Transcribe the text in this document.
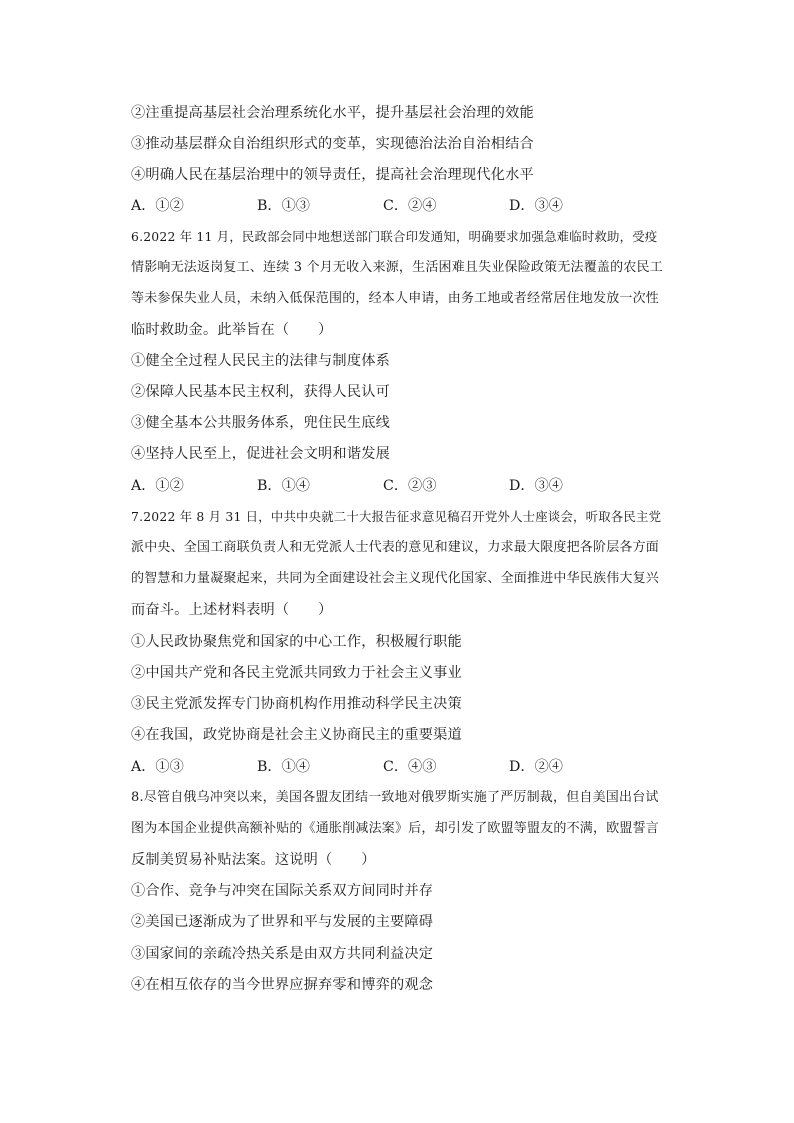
②注重提高基层社会治理系统化水平，提升基层社会治理的效能
③推动基层群众自治组织形式的变革，实现德治法治自治相结合
④明确人民在基层治理中的领导责任，提高社会治理现代化水平
A．①②	B．①③	C．②④	D．③④
6.2022 年 11 月，民政部会同中地想送部门联合印发通知，明确要求加强急难临时救助，受疫
情影响无法返岗复工、连续 3 个月无收入来源，生活困难且失业保险政策无法覆盖的农民工
等未参保失业人员，未纳入低保范围的，经本人申请，由务工地或者经常居住地发放一次性
临时救助金。此举旨在（　　）
①健全全过程人民民主的法律与制度体系
②保障人民基本民主权利，获得人民认可
③健全基本公共服务体系，兜住民生底线
④坚持人民至上，促进社会文明和谐发展
A．①②	B．①④	C．②③	D．③④
7.2022 年 8 月 31 日，中共中央就二十大报告征求意见稿召开党外人士座谈会，听取各民主党
派中央、全国工商联负责人和无党派人士代表的意见和建议，力求最大限度把各阶层各方面
的智慧和力量凝聚起来，共同为全面建设社会主义现代化国家、全面推进中华民族伟大复兴
而奋斗。上述材料表明（　　）
①人民政协聚焦党和国家的中心工作，积极履行职能
②中国共产党和各民主党派共同致力于社会主义事业
③民主党派发挥专门协商机构作用推动科学民主决策
④在我国，政党协商是社会主义协商民主的重要渠道
A．①③	B．①④	C．④③	D．②④
8.尽管自俄乌冲突以来，美国各盟友团结一致地对俄罗斯实施了严厉制裁，但自美国出台试
图为本国企业提供高额补贴的《通胀削减法案》后，却引发了欧盟等盟友的不满，欧盟誓言
反制美贸易补贴法案。这说明（　　）
①合作、竞争与冲突在国际关系双方间同时并存
②美国已逐渐成为了世界和平与发展的主要障碍
③国家间的亲疏冷热关系是由双方共同利益决定
④在相互依存的当今世界应摒弃零和博弈的观念
